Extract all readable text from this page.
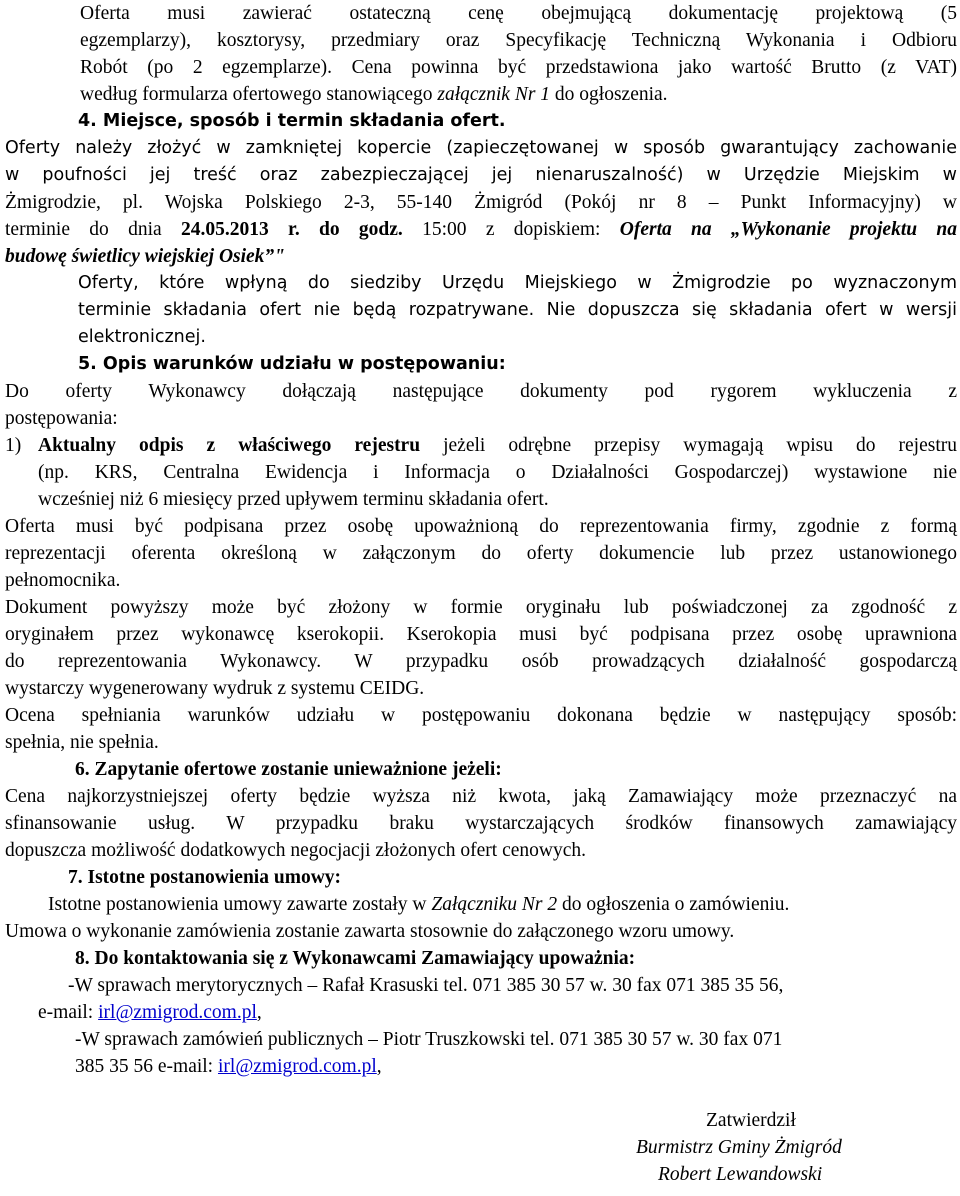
Oferta musi zawierać ostateczną cenę obejmującą dokumentację projektową (5
egzemplarzy), kosztorysy, przedmiary oraz Specyfikację Techniczną Wykonania i Odbioru
Robót (po 2 egzemplarze). Cena powinna być przedstawiona jako wartość Brutto (z VAT)
według formularza ofertowego stanowiącego załącznik Nr 1 do ogłoszenia.
4. Miejsce, sposób i termin składania ofert.
Oferty należy złożyć w zamkniętej kopercie (zapieczętowanej w sposób gwarantujący zachowanie
w poufności jej treść oraz zabezpieczającej jej nienaruszalność) w Urzędzie Miejskim w
Żmigrodzie, pl. Wojska Polskiego 2-3, 55-140 Żmigród (Pokój nr 8 – Punkt Informacyjny) w
terminie do dnia 24.05.2013 r. do godz. 15:00 z dopiskiem: Oferta na „Wykonanie projektu na
budowę świetlicy wiejskiej Osiek”"
Oferty, które wpłyną do siedziby Urzędu Miejskiego w Żmigrodzie po wyznaczonym
terminie składania ofert nie będą rozpatrywane. Nie dopuszcza się składania ofert w wersji
elektronicznej.
5. Opis warunków udziału w postępowaniu:
Do oferty Wykonawcy dołączają następujące dokumenty pod rygorem wykluczenia z
postępowania:
1) Aktualny odpis z właściwego rejestru jeżeli odrębne przepisy wymagają wpisu do rejestru
(np. KRS, Centralna Ewidencja i Informacja o Działalności Gospodarczej) wystawione nie
wcześniej niż 6 miesięcy przed upływem terminu składania ofert.
Oferta musi być podpisana przez osobę upoważnioną do reprezentowania firmy, zgodnie z formą
reprezentacji oferenta określoną w załączonym do oferty dokumencie lub przez ustanowionego
pełnomocnika.
Dokument powyższy może być złożony w formie oryginału lub poświadczonej za zgodność z
oryginałem przez wykonawcę kserokopii. Kserokopia musi być podpisana przez osobę uprawniona
do reprezentowania Wykonawcy. W przypadku osób prowadzących działalność gospodarczą
wystarczy wygenerowany wydruk z systemu CEIDG.
Ocena spełniania warunków udziału w postępowaniu dokonana będzie w następujący sposób:
spełnia, nie spełnia.
6. Zapytanie ofertowe zostanie unieważnione jeżeli:
Cena najkorzystniejszej oferty będzie wyższa niż kwota, jaką Zamawiający może przeznaczyć na
sfinansowanie usług. W przypadku braku wystarczających środków finansowych zamawiający
dopuszcza możliwość dodatkowych negocjacji złożonych ofert cenowych.
7. Istotne postanowienia umowy:
Istotne postanowienia umowy zawarte zostały w Załączniku Nr 2 do ogłoszenia o zamówieniu.
Umowa o wykonanie zamówienia zostanie zawarta stosownie do załączonego wzoru umowy.
8. Do kontaktowania się z Wykonawcami Zamawiający upoważnia:
-W sprawach merytorycznych – Rafał Krasuski tel. 071 385 30 57 w. 30 fax 071 385 35 56,
e-mail: irl@zmigrod.com.pl,
-W sprawach zamówień publicznych – Piotr Truszkowski tel. 071 385 30 57 w. 30 fax 071
385 35 56 e-mail: irl@zmigrod.com.pl,
Zatwierdził
Burmistrz Gminy Żmigród
Robert Lewandowski
